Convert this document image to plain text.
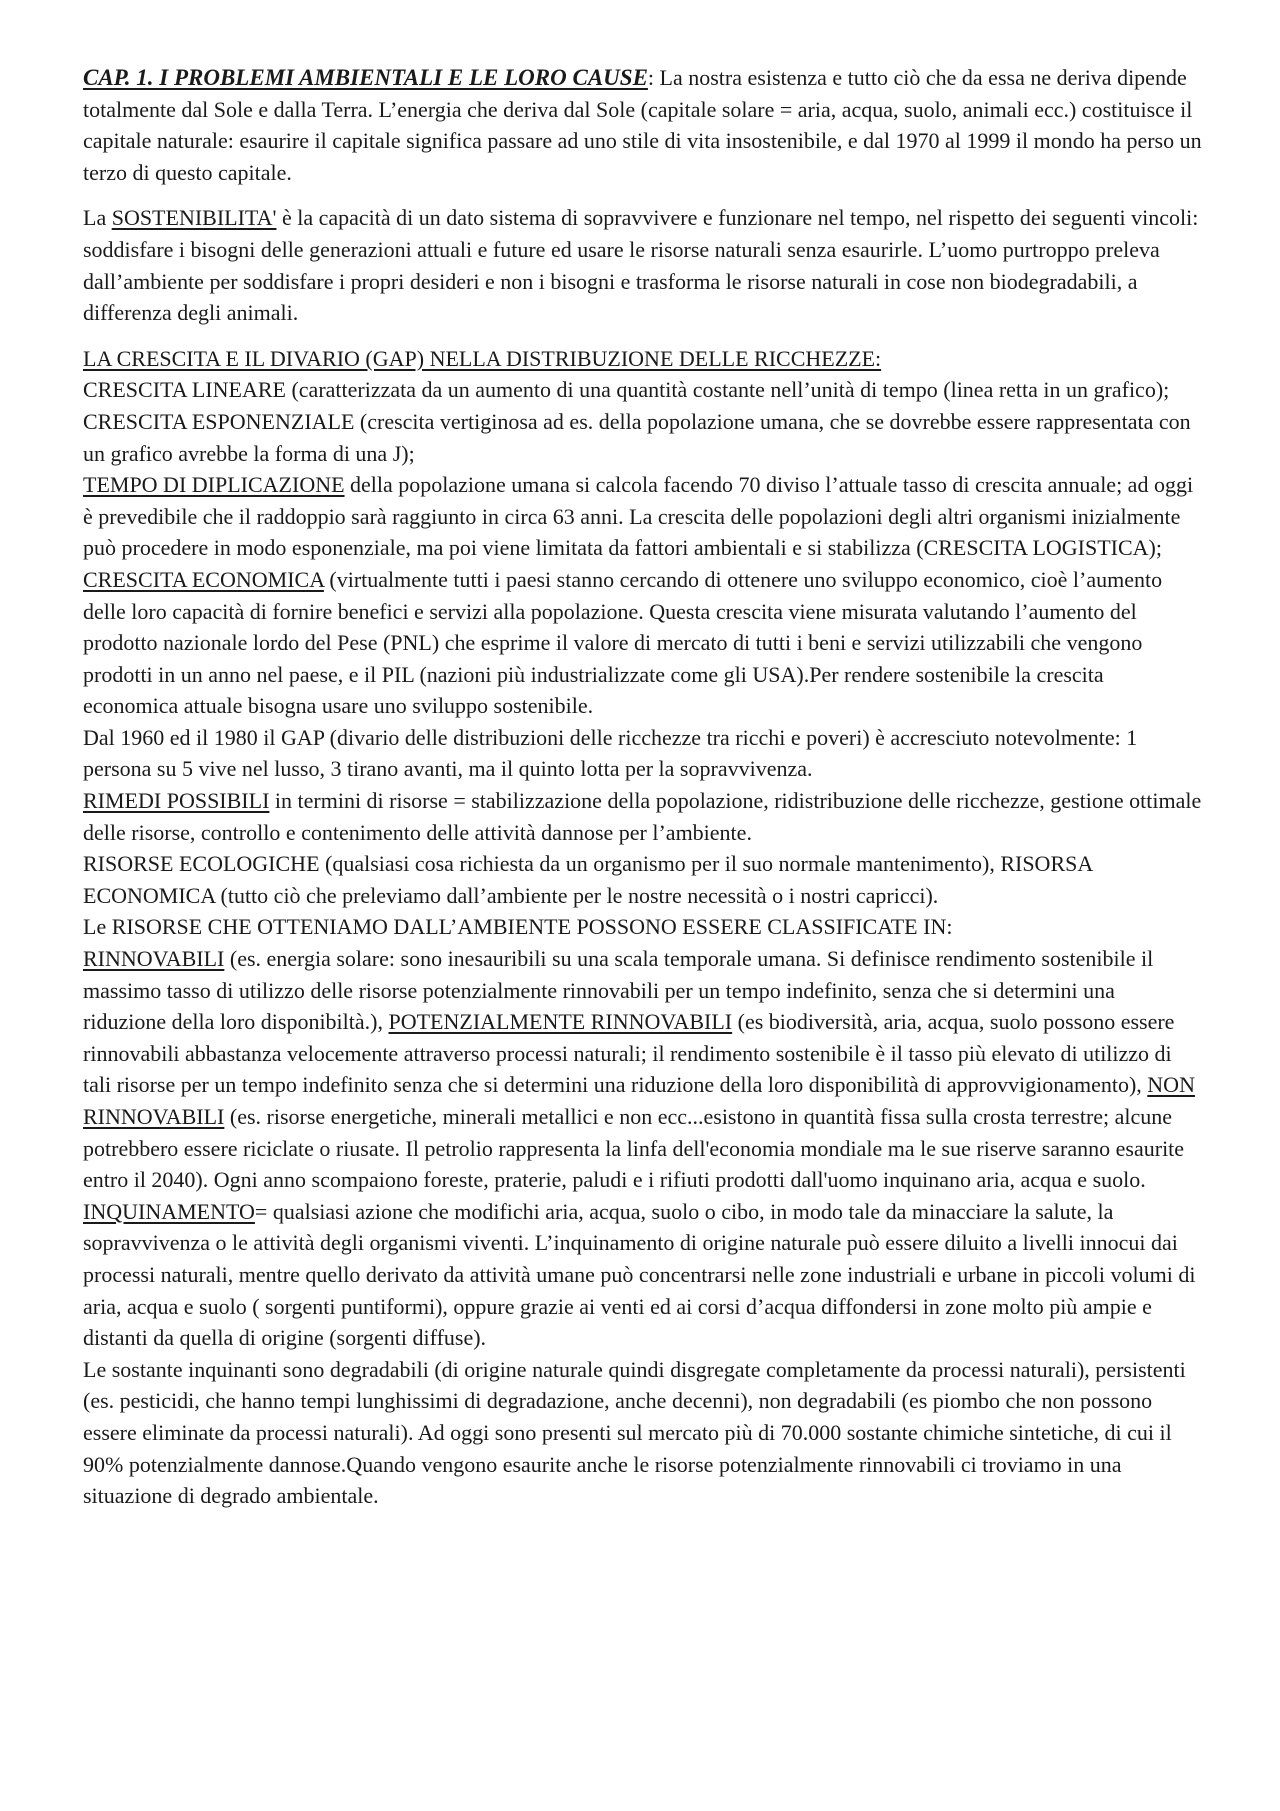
CAP. 1. I PROBLEMI AMBIENTALI E LE LORO CAUSE: La nostra esistenza e tutto ciò che da essa ne deriva dipende totalmente dal Sole e dalla Terra. L’energia che deriva dal Sole (capitale solare = aria, acqua, suolo, animali ecc.) costituisce il capitale naturale: esaurire il capitale significa passare ad uno stile di vita insostenibile, e dal 1970 al 1999 il mondo ha perso un terzo di questo capitale.

La SOSTENIBILITA' è la capacità di un dato sistema di sopravvivere e funzionare nel tempo, nel rispetto dei seguenti vincoli: soddisfare i bisogni delle generazioni attuali e future ed usare le risorse naturali senza esaurirle. L’uomo purtroppo preleva dall’ambiente per soddisfare i propri desideri e non i bisogni e trasforma le risorse naturali in cose non biodegradabili, a differenza degli animali.

LA CRESCITA E IL DIVARIO (GAP) NELLA DISTRIBUZIONE DELLE RICCHEZZE:

CRESCITA LINEARE (caratterizzata da un aumento di una quantità costante nell’unità di tempo (linea retta in un grafico); CRESCITA ESPONENZIALE (crescita vertiginosa ad es. della popolazione umana, che se dovrebbe essere rappresentata con un grafico avrebbe la forma di una J);

TEMPO DI DIPLICAZIONE della popolazione umana si calcola facendo 70 diviso l’attuale tasso di crescita annuale; ad oggi è prevedibile che il raddoppio sarà raggiunto in circa 63 anni. La crescita delle popolazioni degli altri organismi inizialmente può procedere in modo esponenziale, ma poi viene limitata da fattori ambientali e si stabilizza (CRESCITA LOGISTICA); CRESCITA ECONOMICA (virtualmente tutti i paesi stanno cercando di ottenere uno sviluppo economico, cioè l’aumento delle loro capacità di fornire benefici e servizi alla popolazione. Questa crescita viene misurata valutando l’aumento del prodotto nazionale lordo del Pese (PNL) che esprime il valore di mercato di tutti i beni e servizi utilizzabili che vengono prodotti in un anno nel paese, e il PIL (nazioni più industrializzate come gli USA).Per rendere sostenibile la crescita economica attuale bisogna usare uno sviluppo sostenibile.

Dal 1960 ed il 1980 il GAP (divario delle distribuzioni delle ricchezze tra ricchi e poveri) è accresciuto notevolmente: 1 persona su 5 vive nel lusso, 3 tirano avanti, ma il quinto lotta per la sopravvivenza.

RIMEDI POSSIBILI in termini di risorse = stabilizzazione della popolazione, ridistribuzione delle ricchezze, gestione ottimale delle risorse, controllo e contenimento delle attività dannose per l’ambiente.

RISORSE ECOLOGICHE (qualsiasi cosa richiesta da un organismo per il suo normale mantenimento), RISORSA ECONOMICA (tutto ciò che preleviamo dall’ambiente per le nostre necessità o i nostri capricci).

Le RISORSE CHE OTTENIAMO DALL’AMBIENTE POSSONO ESSERE CLASSIFICATE IN:

RINNOVABILI (es. energia solare: sono inesauribili su una scala temporale umana. Si definisce rendimento sostenibile il massimo tasso di utilizzo delle risorse potenzialmente rinnovabili per un tempo indefinito, senza che si determini una riduzione della loro disponibiltà.), POTENZIALMENTE RINNOVABILI (es biodiversità, aria, acqua, suolo possono essere rinnovabili abbastanza velocemente attraverso processi naturali; il rendimento sostenibile è il tasso più elevato di utilizzo di tali risorse per un tempo indefinito senza che si determini una riduzione della loro disponibilità di approvvigionamento), NON RINNOVABILI (es. risorse energetiche, minerali metallici e non ecc...esistono in quantità fissa sulla crosta terrestre; alcune potrebbero essere riciclate o riusate. Il petrolio rappresenta la linfa dell'economia mondiale ma le sue riserve saranno esaurite entro il 2040). Ogni anno scompaiono foreste, praterie, paludi e i rifiuti prodotti dall'uomo inquinano aria, acqua e suolo.

INQUINAMENTO= qualsiasi azione che modifichi aria, acqua, suolo o cibo, in modo tale da minacciare la salute, la sopravvivenza o le attività degli organismi viventi. L’inquinamento di origine naturale può essere diluito a livelli innocui dai processi naturali, mentre quello derivato da attività umane può concentrarsi nelle zone industriali e urbane in piccoli volumi di aria, acqua e suolo ( sorgenti puntiformi), oppure grazie ai venti ed ai corsi d’acqua diffondersi in zone molto più ampie e distanti da quella di origine (sorgenti diffuse).

Le sostante inquinanti sono degradabili (di origine naturale quindi disgregate completamente da processi naturali), persistenti (es. pesticidi, che hanno tempi lunghissimi di degradazione, anche decenni), non degradabili (es piombo che non possono essere eliminate da processi naturali). Ad oggi sono presenti sul mercato più di 70.000 sostante chimiche sintetiche, di cui il 90% potenzialmente dannose.Quando vengono esaurite anche le risorse potenzialmente rinnovabili ci troviamo in una situazione di degrado ambientale.
